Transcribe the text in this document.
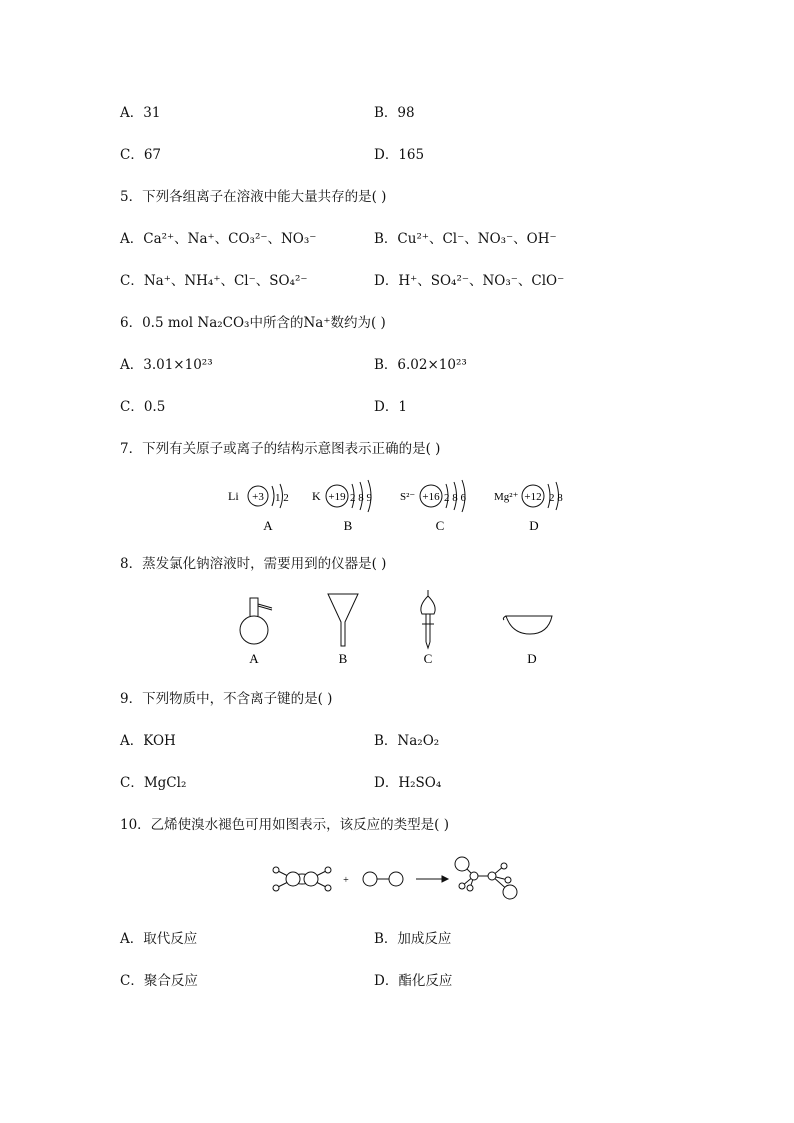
A．31	B．98
C．67	D．165
5．下列各组离子在溶液中能大量共存的是( )
A．Ca²⁺、Na⁺、CO₃²⁻、NO₃⁻	B．Cu²⁺、Cl⁻、NO₃⁻、OH⁻
C．Na⁺、NH₄⁺、Cl⁻、SO₄²⁻	D．H⁺、SO₄²⁻、NO₃⁻、ClO⁻
6．0.5 mol Na₂CO₃中所含的Na⁺数约为( )
A．3.01×10²³	B．6.02×10²³
C．0.5	D．1
7．下列有关原子或离子的结构示意图表示正确的是( )
Li +3 1 2
A
K +19 2 8 9
B
S²⁻ +16 2 8 6
C
Mg²⁺ +12 2 8
D
8．蒸发氯化钠溶液时，需要用到的仪器是( )
A	B	C	D
9．下列物质中，不含离子键的是( )
A．KOH	B．Na₂O₂
C．MgCl₂	D．H₂SO₄
10．乙烯使溴水褪色可用如图表示，该反应的类型是( )
+
A．取代反应	B．加成反应
C．聚合反应	D．酯化反应
